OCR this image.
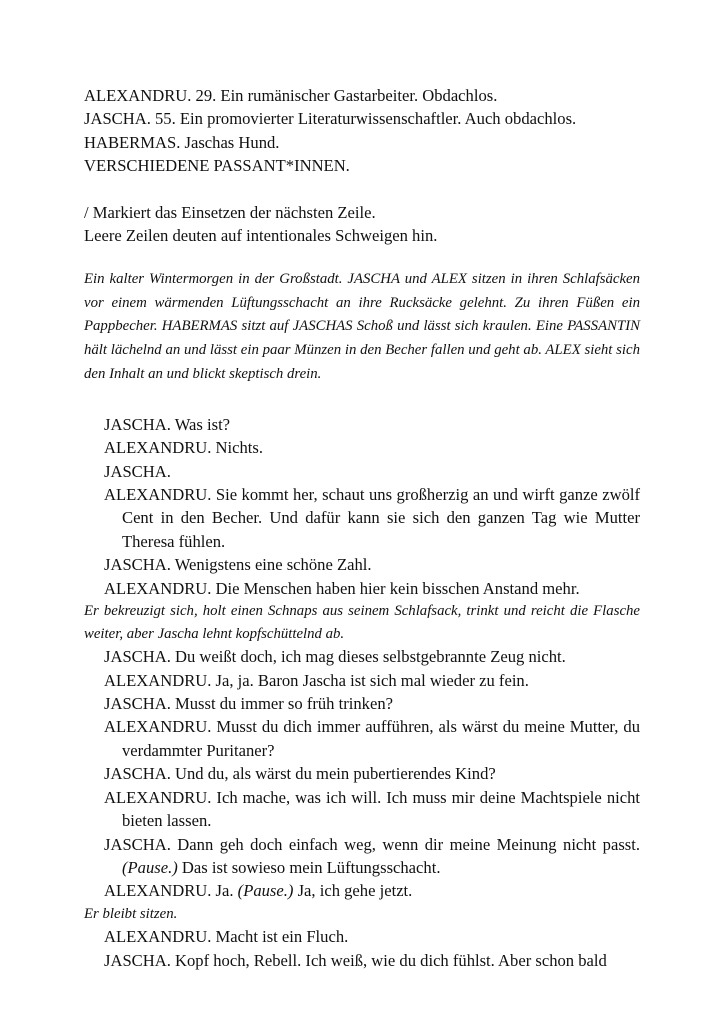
ALEXANDRU. 29. Ein rumänischer Gastarbeiter. Obdachlos.
JASCHA. 55. Ein promovierter Literaturwissenschaftler. Auch obdachlos.
HABERMAS. Jaschas Hund.
VERSCHIEDENE PASSANT*INNEN.
/ Markiert das Einsetzen der nächsten Zeile.
Leere Zeilen deuten auf intentionales Schweigen hin.
Ein kalter Wintermorgen in der Großstadt. JASCHA und ALEX sitzen in ihren Schlafsäcken vor einem wärmenden Lüftungsschacht an ihre Rucksäcke gelehnt. Zu ihren Füßen ein Pappbecher. HABERMAS sitzt auf JASCHAS Schoß und lässt sich kraulen. Eine PASSANTIN hält lächelnd an und lässt ein paar Münzen in den Becher fallen und geht ab. ALEX sieht sich den Inhalt an und blickt skeptisch drein.
JASCHA. Was ist?
ALEXANDRU. Nichts.
JASCHA.
ALEXANDRU. Sie kommt her, schaut uns großherzig an und wirft ganze zwölf Cent in den Becher. Und dafür kann sie sich den ganzen Tag wie Mutter Theresa fühlen.
JASCHA. Wenigstens eine schöne Zahl.
ALEXANDRU. Die Menschen haben hier kein bisschen Anstand mehr.
Er bekreuzigt sich, holt einen Schnaps aus seinem Schlafsack, trinkt und reicht die Flasche weiter, aber Jascha lehnt kopfschüttelnd ab.
JASCHA. Du weißt doch, ich mag dieses selbstgebrannte Zeug nicht.
ALEXANDRU. Ja, ja. Baron Jascha ist sich mal wieder zu fein.
JASCHA. Musst du immer so früh trinken?
ALEXANDRU. Musst du dich immer aufführen, als wärst du meine Mutter, du verdammter Puritaner?
JASCHA. Und du, als wärst du mein pubertierendes Kind?
ALEXANDRU. Ich mache, was ich will. Ich muss mir deine Machtspiele nicht bieten lassen.
JASCHA. Dann geh doch einfach weg, wenn dir meine Meinung nicht passt. (Pause.) Das ist sowieso mein Lüftungsschacht.
ALEXANDRU. Ja. (Pause.) Ja, ich gehe jetzt.
Er bleibt sitzen.
ALEXANDRU. Macht ist ein Fluch.
JASCHA. Kopf hoch, Rebell. Ich weiß, wie du dich fühlst. Aber schon bald
